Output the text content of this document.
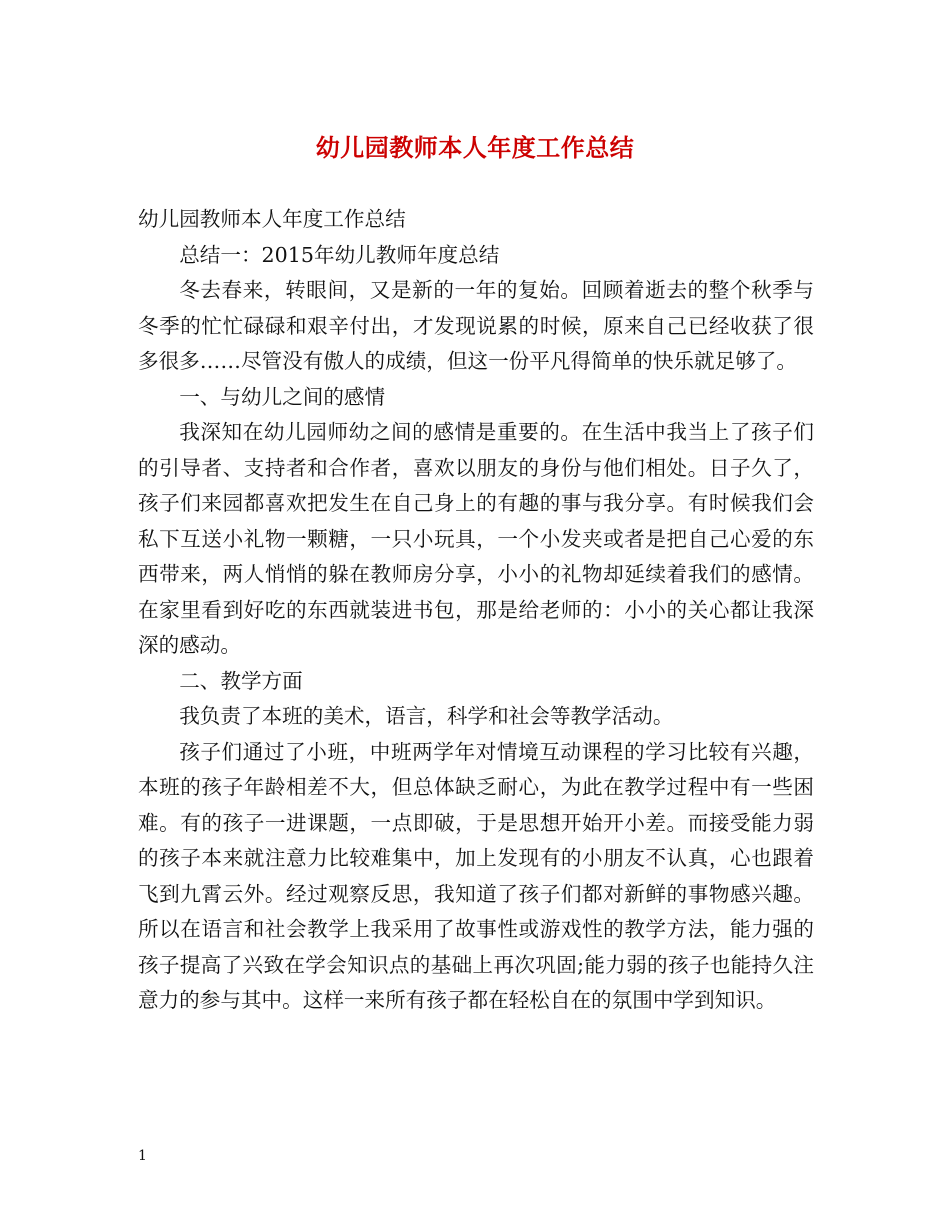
幼儿园教师本人年度工作总结

幼儿园教师本人年度工作总结

总结一：2015年幼儿教师年度总结

冬去春来，转眼间，又是新的一年的复始。回顾着逝去的整个秋季与冬季的忙忙碌碌和艰辛付出，才发现说累的时候，原来自己已经收获了很多很多……尽管没有傲人的成绩，但这一份平凡得简单的快乐就足够了。

一、与幼儿之间的感情

我深知在幼儿园师幼之间的感情是重要的。在生活中我当上了孩子们的引导者、支持者和合作者，喜欢以朋友的身份与他们相处。日子久了，孩子们来园都喜欢把发生在自己身上的有趣的事与我分享。有时候我们会私下互送小礼物一颗糖，一只小玩具，一个小发夹或者是把自己心爱的东西带来，两人悄悄的躲在教师房分享，小小的礼物却延续着我们的感情。在家里看到好吃的东西就装进书包，那是给老师的：小小的关心都让我深深的感动。

二、教学方面

我负责了本班的美术，语言，科学和社会等教学活动。

孩子们通过了小班，中班两学年对情境互动课程的学习比较有兴趣，本班的孩子年龄相差不大，但总体缺乏耐心，为此在教学过程中有一些困难。有的孩子一进课题，一点即破，于是思想开始开小差。而接受能力弱的孩子本来就注意力比较难集中，加上发现有的小朋友不认真，心也跟着飞到九霄云外。经过观察反思，我知道了孩子们都对新鲜的事物感兴趣。所以在语言和社会教学上我采用了故事性或游戏性的教学方法，能力强的孩子提高了兴致在学会知识点的基础上再次巩固;能力弱的孩子也能持久注意力的参与其中。这样一来所有孩子都在轻松自在的氛围中学到知识。

1
